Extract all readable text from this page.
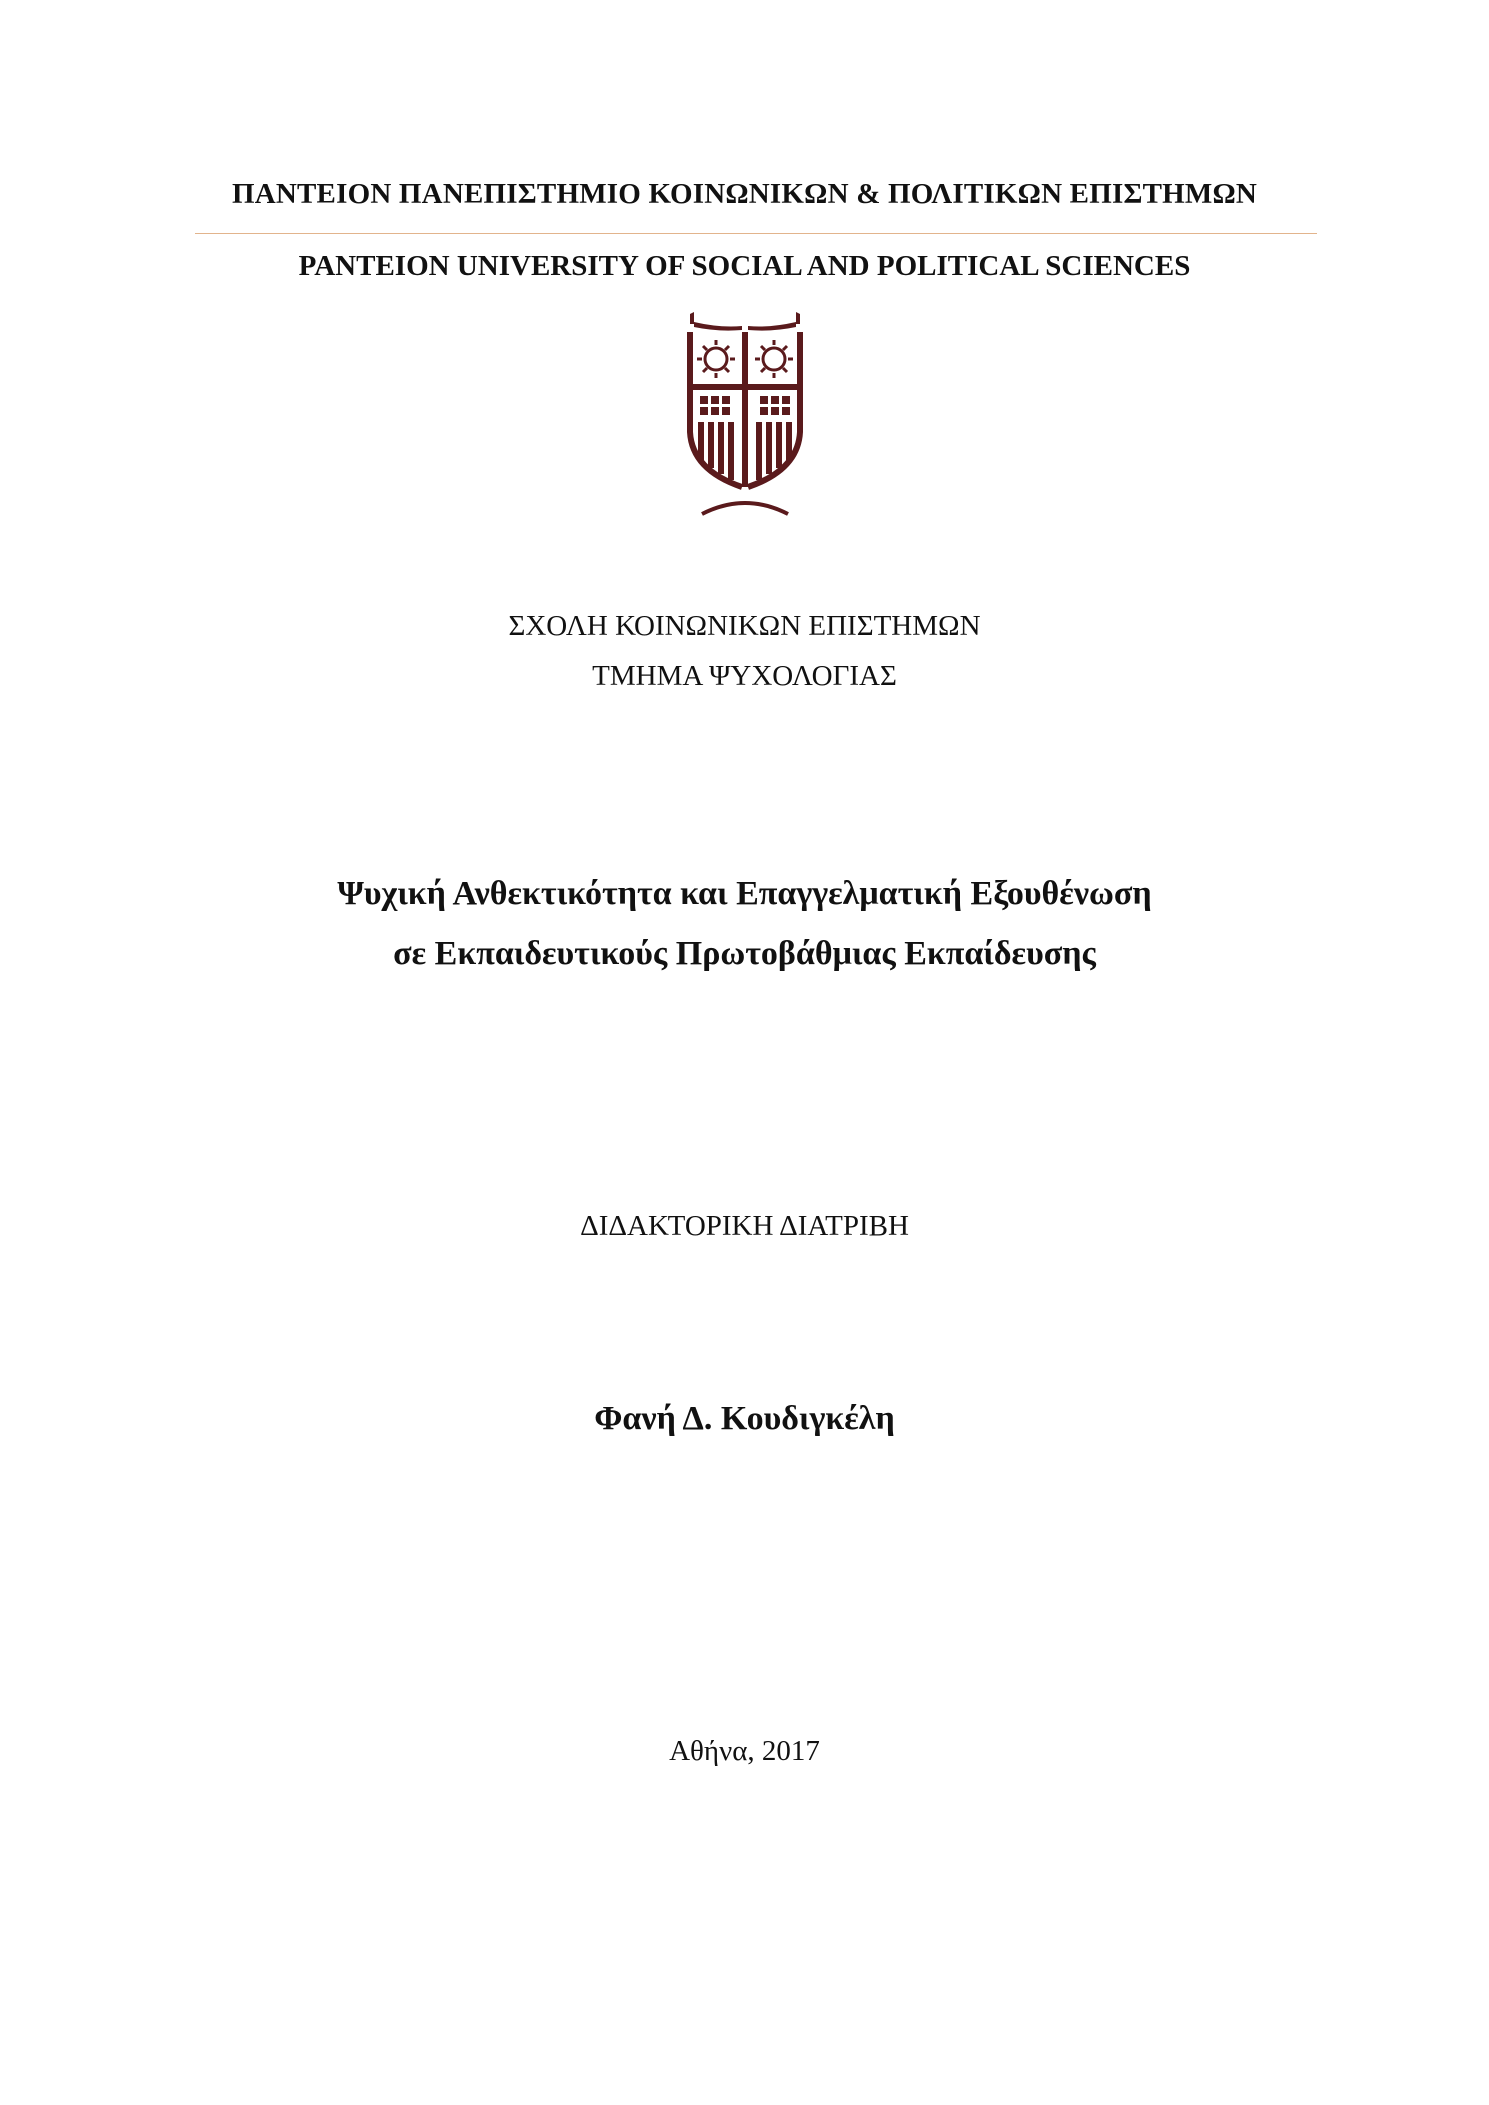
ΠΑΝΤΕΙΟΝ ΠΑΝΕΠΙΣΤΗΜΙΟ ΚΟΙΝΩΝΙΚΩΝ & ΠΟΛΙΤΙΚΩΝ ΕΠΙΣΤΗΜΩΝ
PANTEION UNIVERSITY OF SOCIAL AND POLITICAL SCIENCES
ΣΧΟΛΗ ΚΟΙΝΩΝΙΚΩΝ ΕΠΙΣΤΗΜΩΝ
ΤΜΗΜΑ ΨΥΧΟΛΟΓΙΑΣ
Ψυχική Ανθεκτικότητα και Επαγγελματική Εξουθένωση
σε Εκπαιδευτικούς Πρωτοβάθμιας Εκπαίδευσης
ΔΙΔΑΚΤΟΡΙΚΗ ΔΙΑΤΡΙΒΗ
Φανή Δ. Κουδιγκέλη
Αθήνα, 2017
